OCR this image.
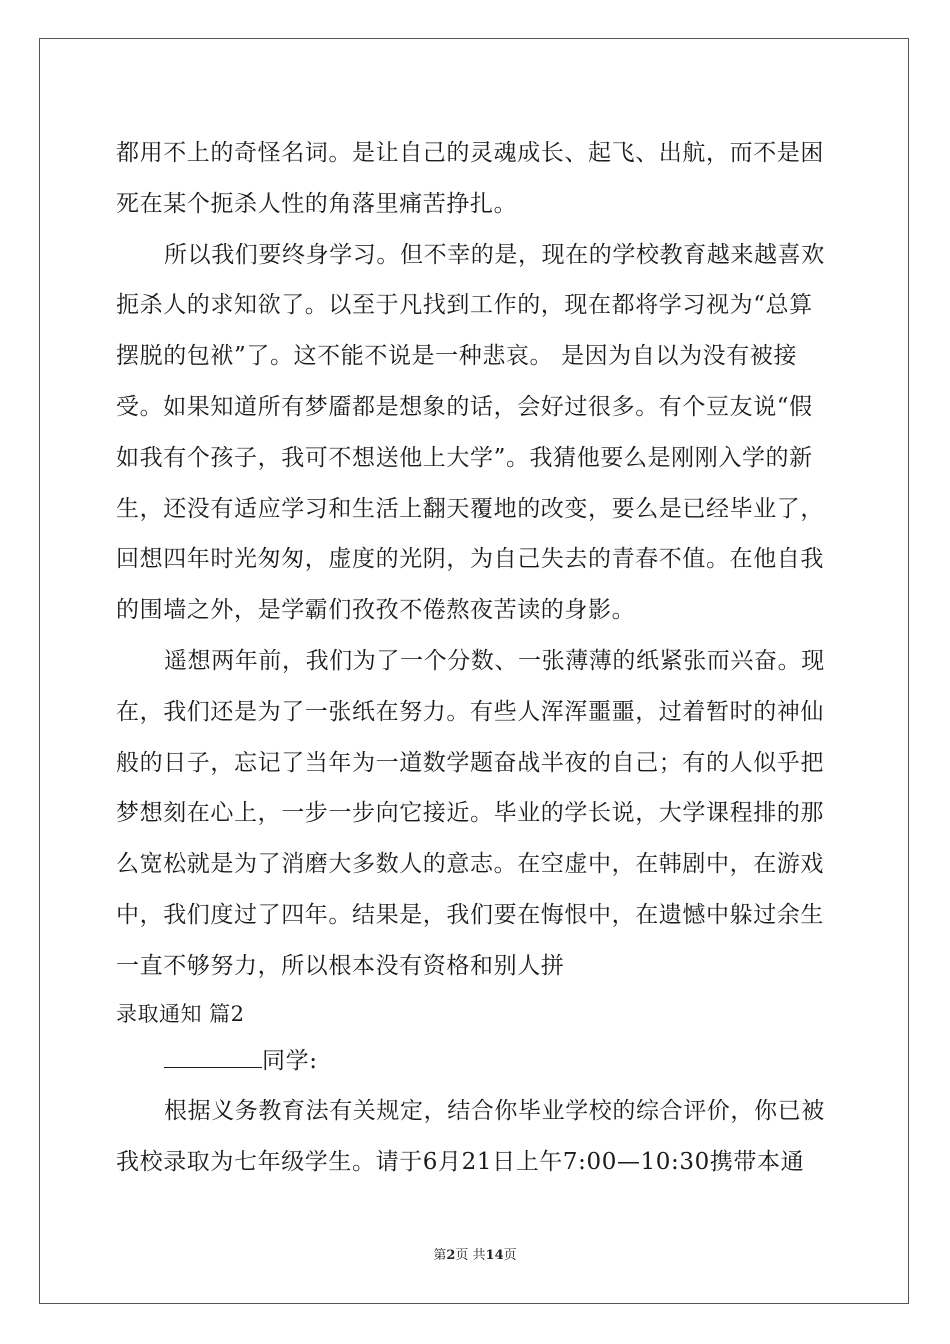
都用不上的奇怪名词。是让自己的灵魂成长、起飞、出航，而不是困
死在某个扼杀人性的角落里痛苦挣扎。
所以我们要终身学习。但不幸的是，现在的学校教育越来越喜欢
扼杀人的求知欲了。以至于凡找到工作的，现在都将学习视为“总算
摆脱的包袱”了。这不能不说是一种悲哀。 是因为自以为没有被接
受。如果知道所有梦靥都是想象的话，会好过很多。有个豆友说“假
如我有个孩子，我可不想送他上大学”。我猜他要么是刚刚入学的新
生，还没有适应学习和生活上翻天覆地的改变，要么是已经毕业了，
回想四年时光匆匆，虚度的光阴，为自己失去的青春不值。在他自我
的围墙之外，是学霸们孜孜不倦熬夜苦读的身影。
遥想两年前，我们为了一个分数、一张薄薄的纸紧张而兴奋。现
在，我们还是为了一张纸在努力。有些人浑浑噩噩，过着暂时的神仙
般的日子，忘记了当年为一道数学题奋战半夜的自己；有的人似乎把
梦想刻在心上，一步一步向它接近。毕业的学长说，大学课程排的那
么宽松就是为了消磨大多数人的意志。在空虚中，在韩剧中，在游戏
中，我们度过了四年。结果是，我们要在悔恨中，在遗憾中躲过余生
一直不够努力，所以根本没有资格和别人拼
录取通知 篇2
同学:
根据义务教育法有关规定，结合你毕业学校的综合评价，你已被
我校录取为七年级学生。请于6月21日上午7:00—10:30携带本通
第2页 共14页
